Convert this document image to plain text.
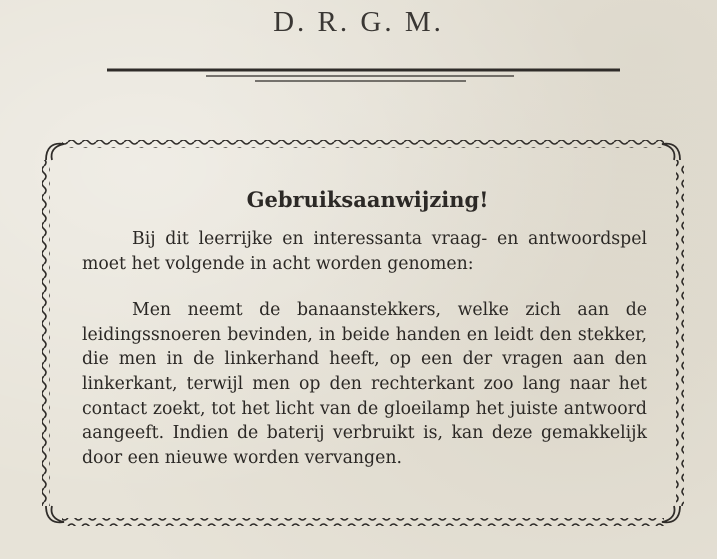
D. R. G. M.
Gebruiksaanwijzing!

Bij dit leerrijke en interessanta vraag- en antwoordspel moet het volgende in acht worden genomen:

Men neemt de banaanstekkers, welke zich aan de leidingssnoeren bevinden, in beide handen en leidt den stekker, die men in de linkerhand heeft, op een der vragen aan den linkerkant, terwijl men op den rechterkant zoo lang naar het contact zoekt, tot het licht van de gloeilamp het juiste antwoord aangeeft. Indien de baterij verbruikt is, kan deze gemakkelijk door een nieuwe worden vervangen.
